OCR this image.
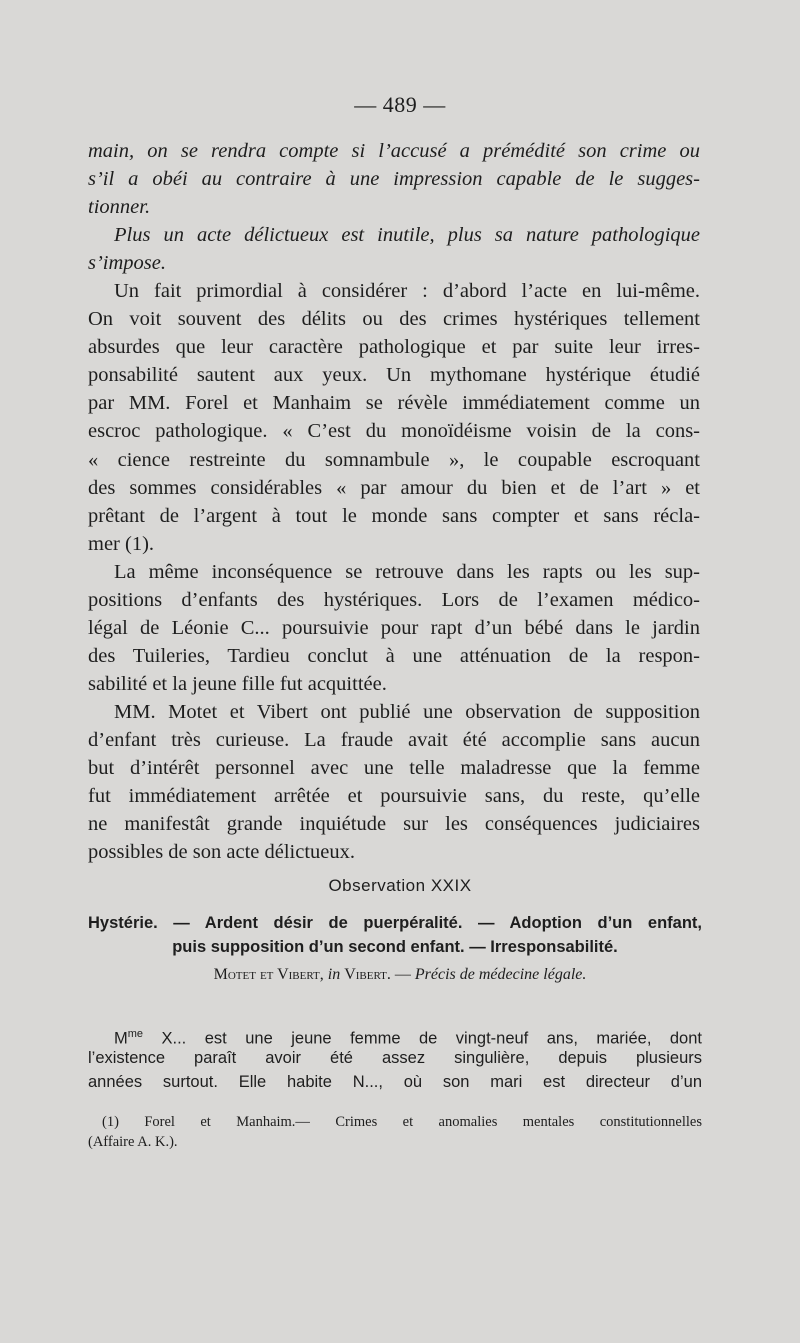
— 489 —
main, on se rendra compte si l’accusé a prémédité son crime ou
s’il a obéi au contraire à une impression capable de le sugges-
tionner.
Plus un acte délictueux est inutile, plus sa nature pathologique
s’impose.
Un fait primordial à considérer : d’abord l’acte en lui-même.
On voit souvent des délits ou des crimes hystériques tellement
absurdes que leur caractère pathologique et par suite leur irres-
ponsabilité sautent aux yeux. Un mythomane hystérique étudié
par MM. Forel et Manhaim se révèle immédiatement comme un
escroc pathologique. « C’est du monoïdéisme voisin de la cons-
« cience restreinte du somnambule », le coupable escroquant
des sommes considérables « par amour du bien et de l’art » et
prêtant de l’argent à tout le monde sans compter et sans récla-
mer (1).
La même inconséquence se retrouve dans les rapts ou les sup-
positions d’enfants des hystériques. Lors de l’examen médico-
légal de Léonie C... poursuivie pour rapt d’un bébé dans le jardin
des Tuileries, Tardieu conclut à une atténuation de la respon-
sabilité et la jeune fille fut acquittée.
MM. Motet et Vibert ont publié une observation de supposition
d’enfant très curieuse. La fraude avait été accomplie sans aucun
but d’intérêt personnel avec une telle maladresse que la femme
fut immédiatement arrêtée et poursuivie sans, du reste, qu’elle
ne manifestât grande inquiétude sur les conséquences judiciaires
possibles de son acte délictueux.
Observation XXIX
Hystérie. — Ardent désir de puerpéralité. — Adoption d’un enfant,
puis supposition d’un second enfant. — Irresponsabilité.
Motet et Vibert, in Vibert. — Précis de médecine légale.
$M^{me}$ X... est une jeune femme de vingt-neuf ans, mariée, dont
l’existence paraît avoir été assez singulière, depuis plusieurs
années surtout. Elle habite N..., où son mari est directeur d’un
(1) Forel et Manhaim.— Crimes et anomalies mentales constitutionnelles
(Affaire A. K.).
